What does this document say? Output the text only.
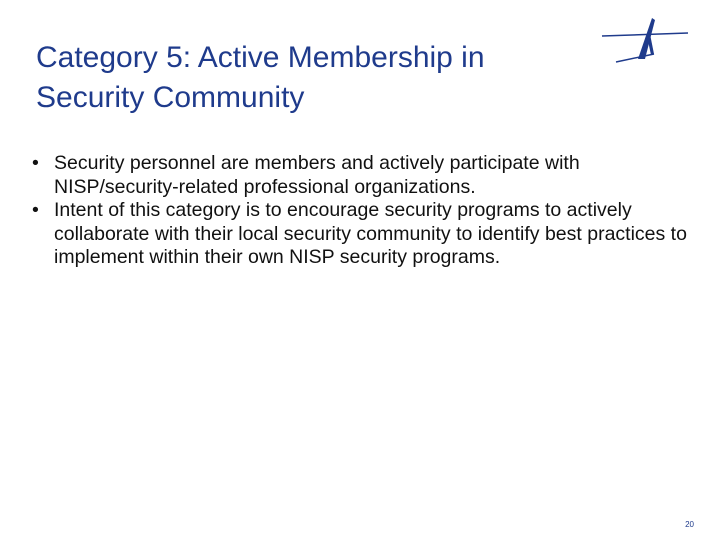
Category 5: Active Membership in
Security Community
• Security personnel are members and actively participate with NISP/security-related professional organizations.
• Intent of this category is to encourage security programs to actively collaborate with their local security community to identify best practices to implement within their own NISP security programs.
20
